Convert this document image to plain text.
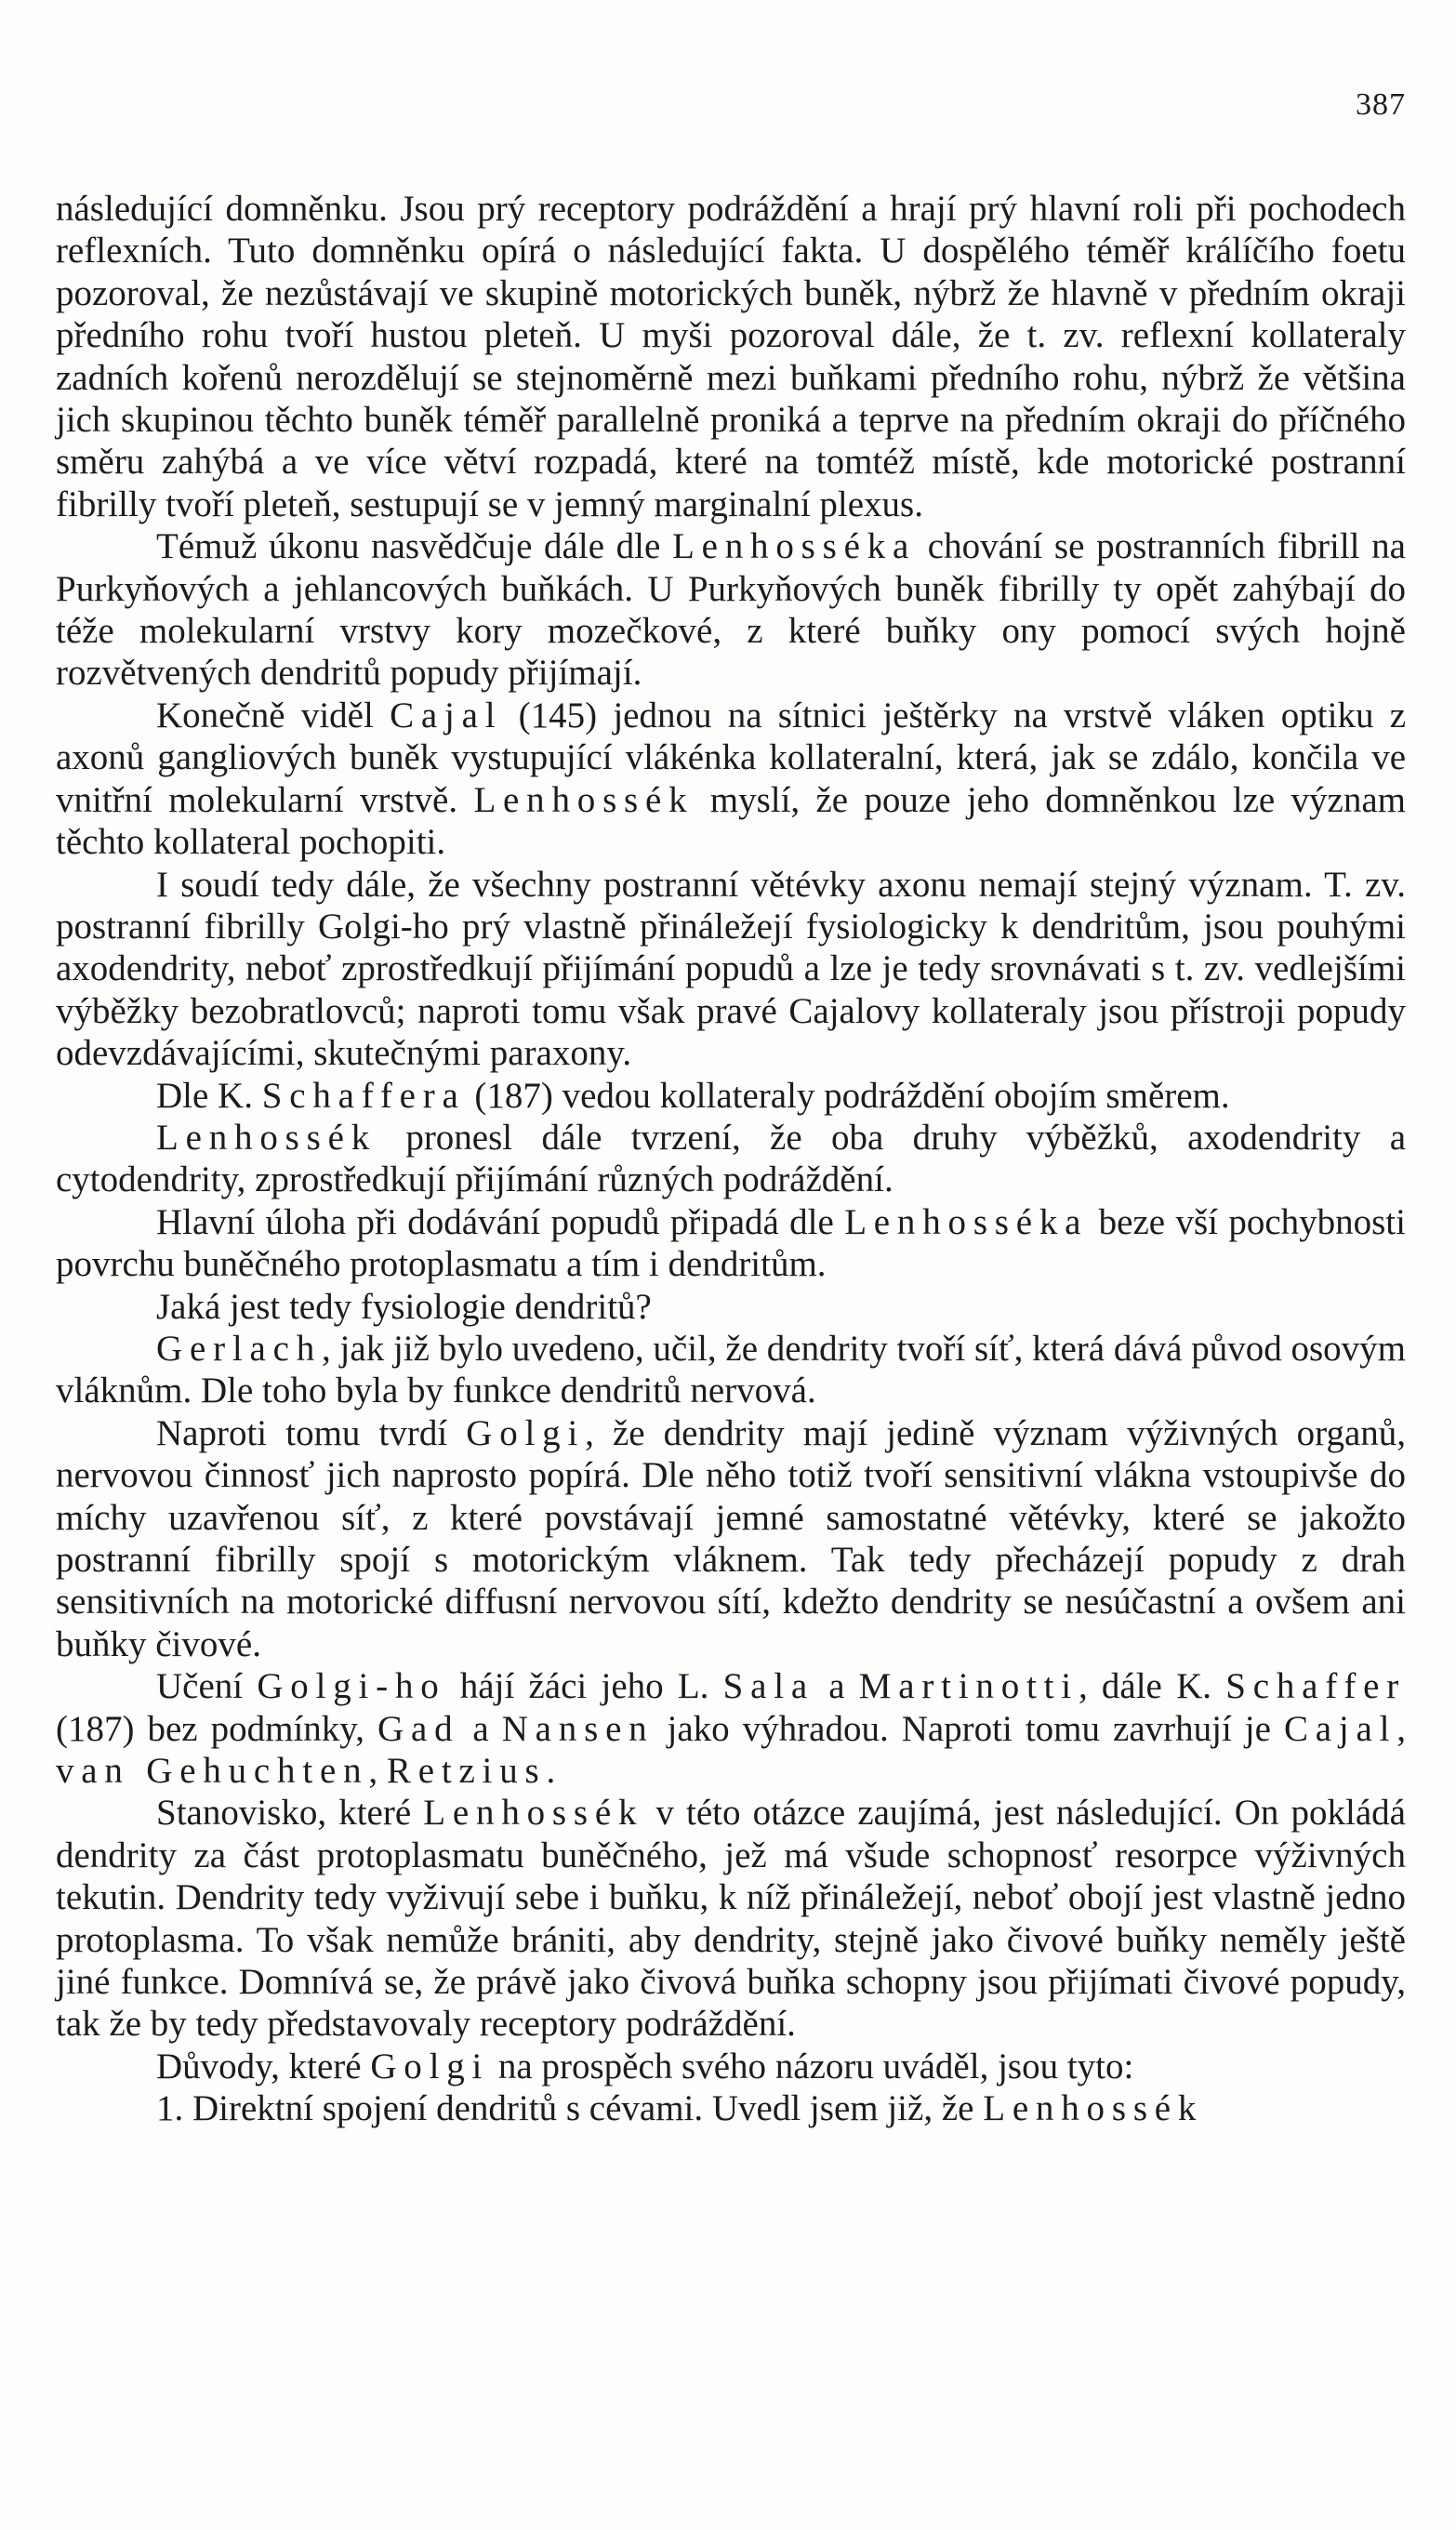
387

následující domněnku. Jsou prý receptory podráždění a hrají prý hlavní roli při pochodech reflexních. Tuto domněnku opírá o následující fakta. U dospělého téměř králíčího foetu pozoroval, že nezůstávají ve skupině motorických buněk, nýbrž že hlavně v předním okraji předního rohu tvoří hustou pleteň. U myši pozoroval dále, že t. zv. reflexní kollateraly zadních kořenů nerozdělují se stejnoměrně mezi buňkami předního rohu, nýbrž že většina jich skupinou těchto buněk téměř parallelně proniká a teprve na předním okraji do příčného směru zahýbá a ve více větví rozpadá, které na tomtéž místě, kde motorické postranní fibrilly tvoří pleteň, sestupují se v jemný marginalní plexus.

Témuž úkonu nasvědčuje dále dle Lenhosséka chování se postranních fibrill na Purkyňových a jehlancových buňkách. U Purkyňových buněk fibrilly ty opět zahýbají do téže molekularní vrstvy kory mozečkové, z které buňky ony pomocí svých hojně rozvětvených dendritů popudy přijímají.

Konečně viděl Cajal (145) jednou na sítnici ještěrky na vrstvě vláken optiku z axonů gangliových buněk vystupující vlákénka kollateralní, která, jak se zdálo, končila ve vnitřní molekularní vrstvě. Lenhossék myslí, že pouze jeho domněnkou lze význam těchto kollateral pochopiti.

I soudí tedy dále, že všechny postranní větévky axonu nemají stejný význam. T. zv. postranní fibrilly Golgi-ho prý vlastně přináležejí fysiologicky k dendritům, jsou pouhými axodendrity, neboť zprostředkují přijímání popudů a lze je tedy srovnávati s t. zv. vedlejšími výběžky bezobratlovců; naproti tomu však pravé Cajalovy kollateraly jsou přístroji popudy odevzdávajícími, skutečnými paraxony.

Dle K. Schaffera (187) vedou kollateraly podráždění obojím směrem.

Lenhossék pronesl dále tvrzení, že oba druhy výběžků, axodendrity a cytodendrity, zprostředkují přijímání různých podráždění.

Hlavní úloha při dodávání popudů připadá dle Lenhosséka beze vší pochybnosti povrchu buněčného protoplasmatu a tím i dendritům.

Jaká jest tedy fysiologie dendritů?

Gerlach, jak již bylo uvedeno, učil, že dendrity tvoří síť, která dává původ osovým vláknům. Dle toho byla by funkce dendritů nervová.

Naproti tomu tvrdí Golgi, že dendrity mají jedině význam výživných organů, nervovou činnosť jich naprosto popírá. Dle něho totiž tvoří sensitivní vlákna vstoupivše do míchy uzavřenou síť, z které povstávají jemné samostatné větévky, které se jakožto postranní fibrilly spojí s motorickým vláknem. Tak tedy přecházejí popudy z drah sensitivních na motorické diffusní nervovou sítí, kdežto dendrity se nesúčastní a ovšem ani buňky čivové.

Učení Golgi-ho hájí žáci jeho L. Sala a Martinotti, dále K. Schaffer (187) bez podmínky, Gad a Nansen jako výhradou. Naproti tomu zavrhují je Cajal, van Gehuchten, Retzius.

Stanovisko, které Lenhossék v této otázce zaujímá, jest následující. On pokládá dendrity za část protoplasmatu buněčného, jež má všude schopnosť resorpce výživných tekutin. Dendrity tedy vyživují sebe i buňku, k níž přináležejí, neboť obojí jest vlastně jedno protoplasma. To však nemůže brániti, aby dendrity, stejně jako čivové buňky neměly ještě jiné funkce. Domnívá se, že právě jako čivová buňka schopny jsou přijímati čivové popudy, tak že by tedy představovaly receptory podráždění.

Důvody, které Golgi na prospěch svého názoru uváděl, jsou tyto:

1. Direktní spojení dendritů s cévami. Uvedl jsem již, že Lenhossék
